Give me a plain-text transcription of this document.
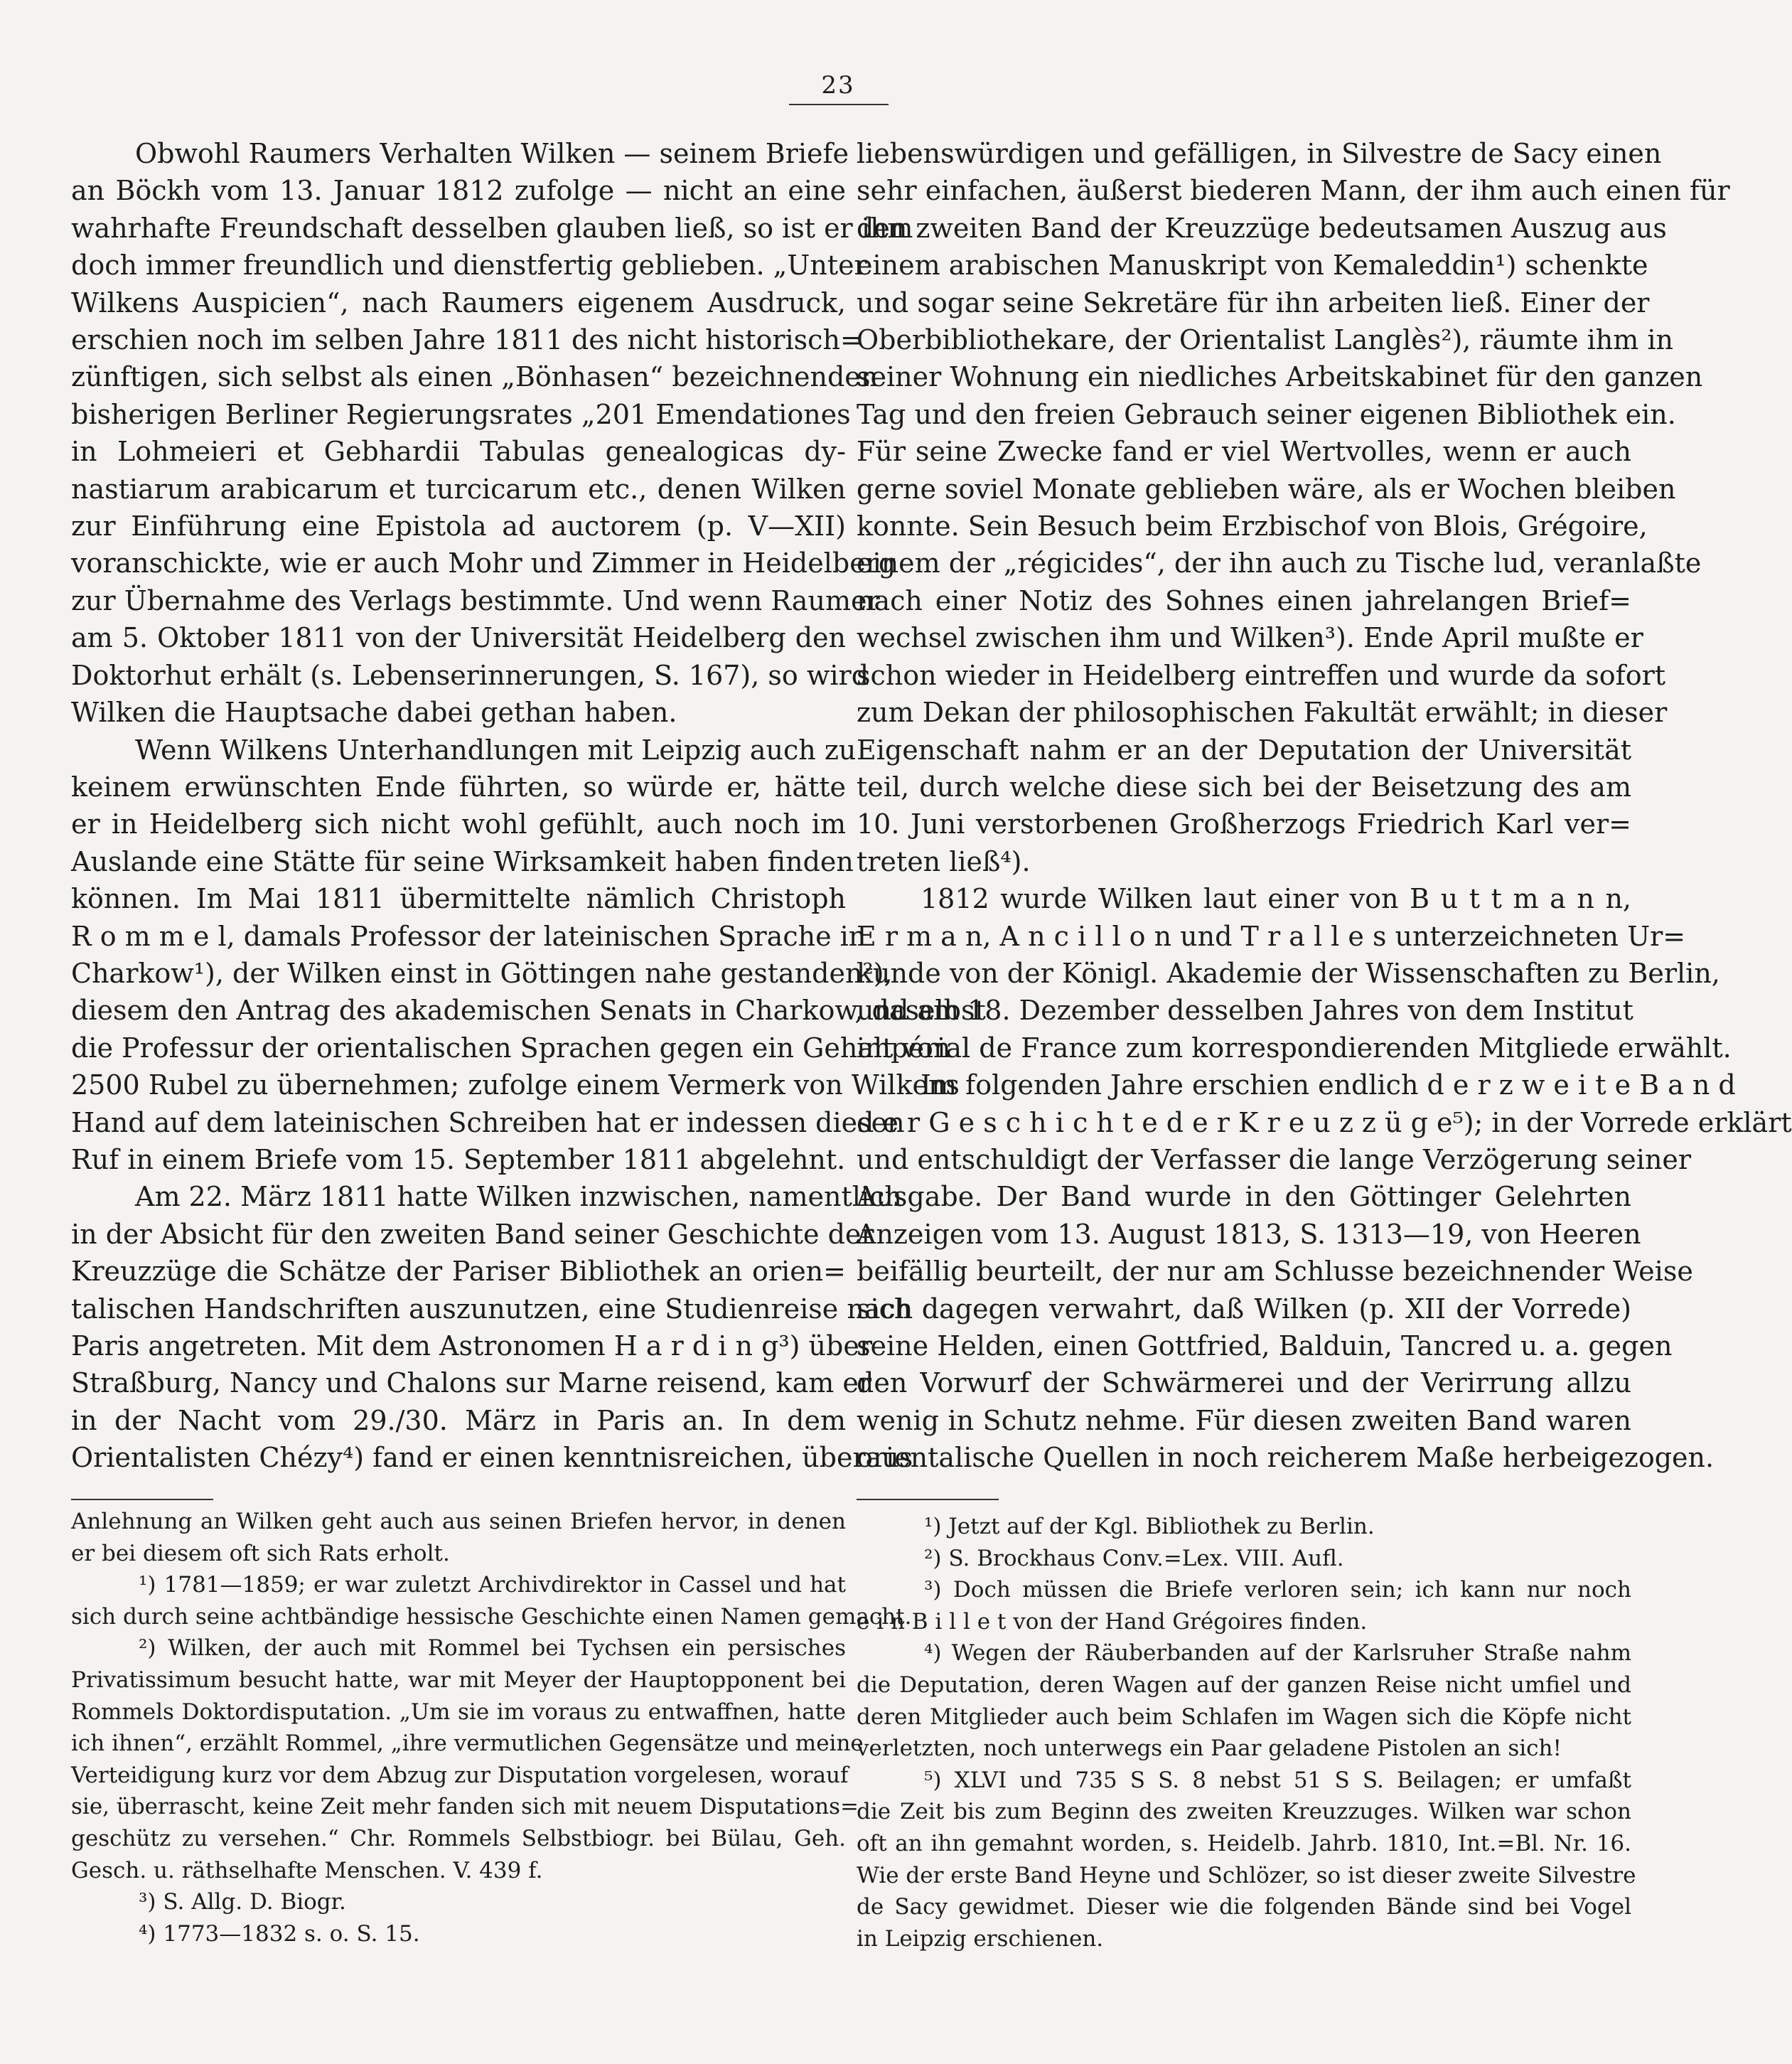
23
Obwohl Raumers Verhalten Wilken — seinem Briefe
an Böckh vom 13. Januar 1812 zufolge — nicht an eine
wahrhafte Freundschaft desselben glauben ließ, so ist er ihm
doch immer freundlich und dienstfertig geblieben. „Unter
Wilkens Auspicien“, nach Raumers eigenem Ausdruck,
erschien noch im selben Jahre 1811 des nicht historisch=
zünftigen, sich selbst als einen „Bönhasen“ bezeichnenden
bisherigen Berliner Regierungsrates „201 Emendationes
in Lohmeieri et Gebhardii Tabulas genealogicas dy-
nastiarum arabicarum et turcicarum etc., denen Wilken
zur Einführung eine Epistola ad auctorem (p. V—XII)
voranschickte, wie er auch Mohr und Zimmer in Heidelberg
zur Übernahme des Verlags bestimmte. Und wenn Raumer
am 5. Oktober 1811 von der Universität Heidelberg den
Doktorhut erhält (s. Lebenserinnerungen, S. 167), so wird
Wilken die Hauptsache dabei gethan haben.
Wenn Wilkens Unterhandlungen mit Leipzig auch zu
keinem erwünschten Ende führten, so würde er, hätte
er in Heidelberg sich nicht wohl gefühlt, auch noch im
Auslande eine Stätte für seine Wirksamkeit haben finden
können. Im Mai 1811 übermittelte nämlich Christoph
R o m m e l, damals Professor der lateinischen Sprache in
Charkow¹), der Wilken einst in Göttingen nahe gestanden²),
diesem den Antrag des akademischen Senats in Charkow, daselbst
die Professur der orientalischen Sprachen gegen ein Gehalt von
2500 Rubel zu übernehmen; zufolge einem Vermerk von Wilkens
Hand auf dem lateinischen Schreiben hat er indessen diesen
Ruf in einem Briefe vom 15. September 1811 abgelehnt.
Am 22. März 1811 hatte Wilken inzwischen, namentlich
in der Absicht für den zweiten Band seiner Geschichte der
Kreuzzüge die Schätze der Pariser Bibliothek an orien=
talischen Handschriften auszunutzen, eine Studienreise nach
Paris angetreten. Mit dem Astronomen H a r d i n g³) über
Straßburg, Nancy und Chalons sur Marne reisend, kam er
in der Nacht vom 29./30. März in Paris an. In dem
Orientalisten Chézy⁴) fand er einen kenntnisreichen, überaus
liebenswürdigen und gefälligen, in Silvestre de Sacy einen
sehr einfachen, äußerst biederen Mann, der ihm auch einen für
den zweiten Band der Kreuzzüge bedeutsamen Auszug aus
einem arabischen Manuskript von Kemaleddin¹) schenkte
und sogar seine Sekretäre für ihn arbeiten ließ. Einer der
Oberbibliothekare, der Orientalist Langlès²), räumte ihm in
seiner Wohnung ein niedliches Arbeitskabinet für den ganzen
Tag und den freien Gebrauch seiner eigenen Bibliothek ein.
Für seine Zwecke fand er viel Wertvolles, wenn er auch
gerne soviel Monate geblieben wäre, als er Wochen bleiben
konnte. Sein Besuch beim Erzbischof von Blois, Grégoire,
einem der „régicides“, der ihn auch zu Tische lud, veranlaßte
nach einer Notiz des Sohnes einen jahrelangen Brief=
wechsel zwischen ihm und Wilken³). Ende April mußte er
schon wieder in Heidelberg eintreffen und wurde da sofort
zum Dekan der philosophischen Fakultät erwählt; in dieser
Eigenschaft nahm er an der Deputation der Universität
teil, durch welche diese sich bei der Beisetzung des am
10. Juni verstorbenen Großherzogs Friedrich Karl ver=
treten ließ⁴).
1812 wurde Wilken laut einer von B u t t m a n n,
E r m a n, A n c i l l o n und T r a l l e s unterzeichneten Ur=
kunde von der Königl. Akademie der Wissenschaften zu Berlin,
und am 18. Dezember desselben Jahres von dem Institut
impérial de France zum korrespondierenden Mitgliede erwählt.
Im folgenden Jahre erschien endlich d e r z w e i t e B a n d
d e r G e s c h i c h t e d e r K r e u z z ü g e⁵); in der Vorrede erklärt
und entschuldigt der Verfasser die lange Verzögerung seiner
Ausgabe. Der Band wurde in den Göttinger Gelehrten
Anzeigen vom 13. August 1813, S. 1313—19, von Heeren
beifällig beurteilt, der nur am Schlusse bezeichnender Weise
sich dagegen verwahrt, daß Wilken (p. XII der Vorrede)
seine Helden, einen Gottfried, Balduin, Tancred u. a. gegen
den Vorwurf der Schwärmerei und der Verirrung allzu
wenig in Schutz nehme. Für diesen zweiten Band waren
orientalische Quellen in noch reicherem Maße herbeigezogen.
Anlehnung an Wilken geht auch aus seinen Briefen hervor, in denen
er bei diesem oft sich Rats erholt.
¹) 1781—1859; er war zuletzt Archivdirektor in Cassel und hat
sich durch seine achtbändige hessische Geschichte einen Namen gemacht.
²) Wilken, der auch mit Rommel bei Tychsen ein persisches
Privatissimum besucht hatte, war mit Meyer der Hauptopponent bei
Rommels Doktordisputation. „Um sie im voraus zu entwaffnen, hatte
ich ihnen“, erzählt Rommel, „ihre vermutlichen Gegensätze und meine
Verteidigung kurz vor dem Abzug zur Disputation vorgelesen, worauf
sie, überrascht, keine Zeit mehr fanden sich mit neuem Disputations=
geschütz zu versehen.“ Chr. Rommels Selbstbiogr. bei Bülau, Geh.
Gesch. u. räthselhafte Menschen. V. 439 f.
³) S. Allg. D. Biogr.
⁴) 1773—1832 s. o. S. 15.
¹) Jetzt auf der Kgl. Bibliothek zu Berlin.
²) S. Brockhaus Conv.=Lex. VIII. Aufl.
³) Doch müssen die Briefe verloren sein; ich kann nur noch
e i n B i l l e t von der Hand Grégoires finden.
⁴) Wegen der Räuberbanden auf der Karlsruher Straße nahm
die Deputation, deren Wagen auf der ganzen Reise nicht umfiel und
deren Mitglieder auch beim Schlafen im Wagen sich die Köpfe nicht
verletzten, noch unterwegs ein Paar geladene Pistolen an sich!
⁵) XLVI und 735 S S. 8 nebst 51 S S. Beilagen; er umfaßt
die Zeit bis zum Beginn des zweiten Kreuzzuges. Wilken war schon
oft an ihn gemahnt worden, s. Heidelb. Jahrb. 1810, Int.=Bl. Nr. 16.
Wie der erste Band Heyne und Schlözer, so ist dieser zweite Silvestre
de Sacy gewidmet. Dieser wie die folgenden Bände sind bei Vogel
in Leipzig erschienen.
